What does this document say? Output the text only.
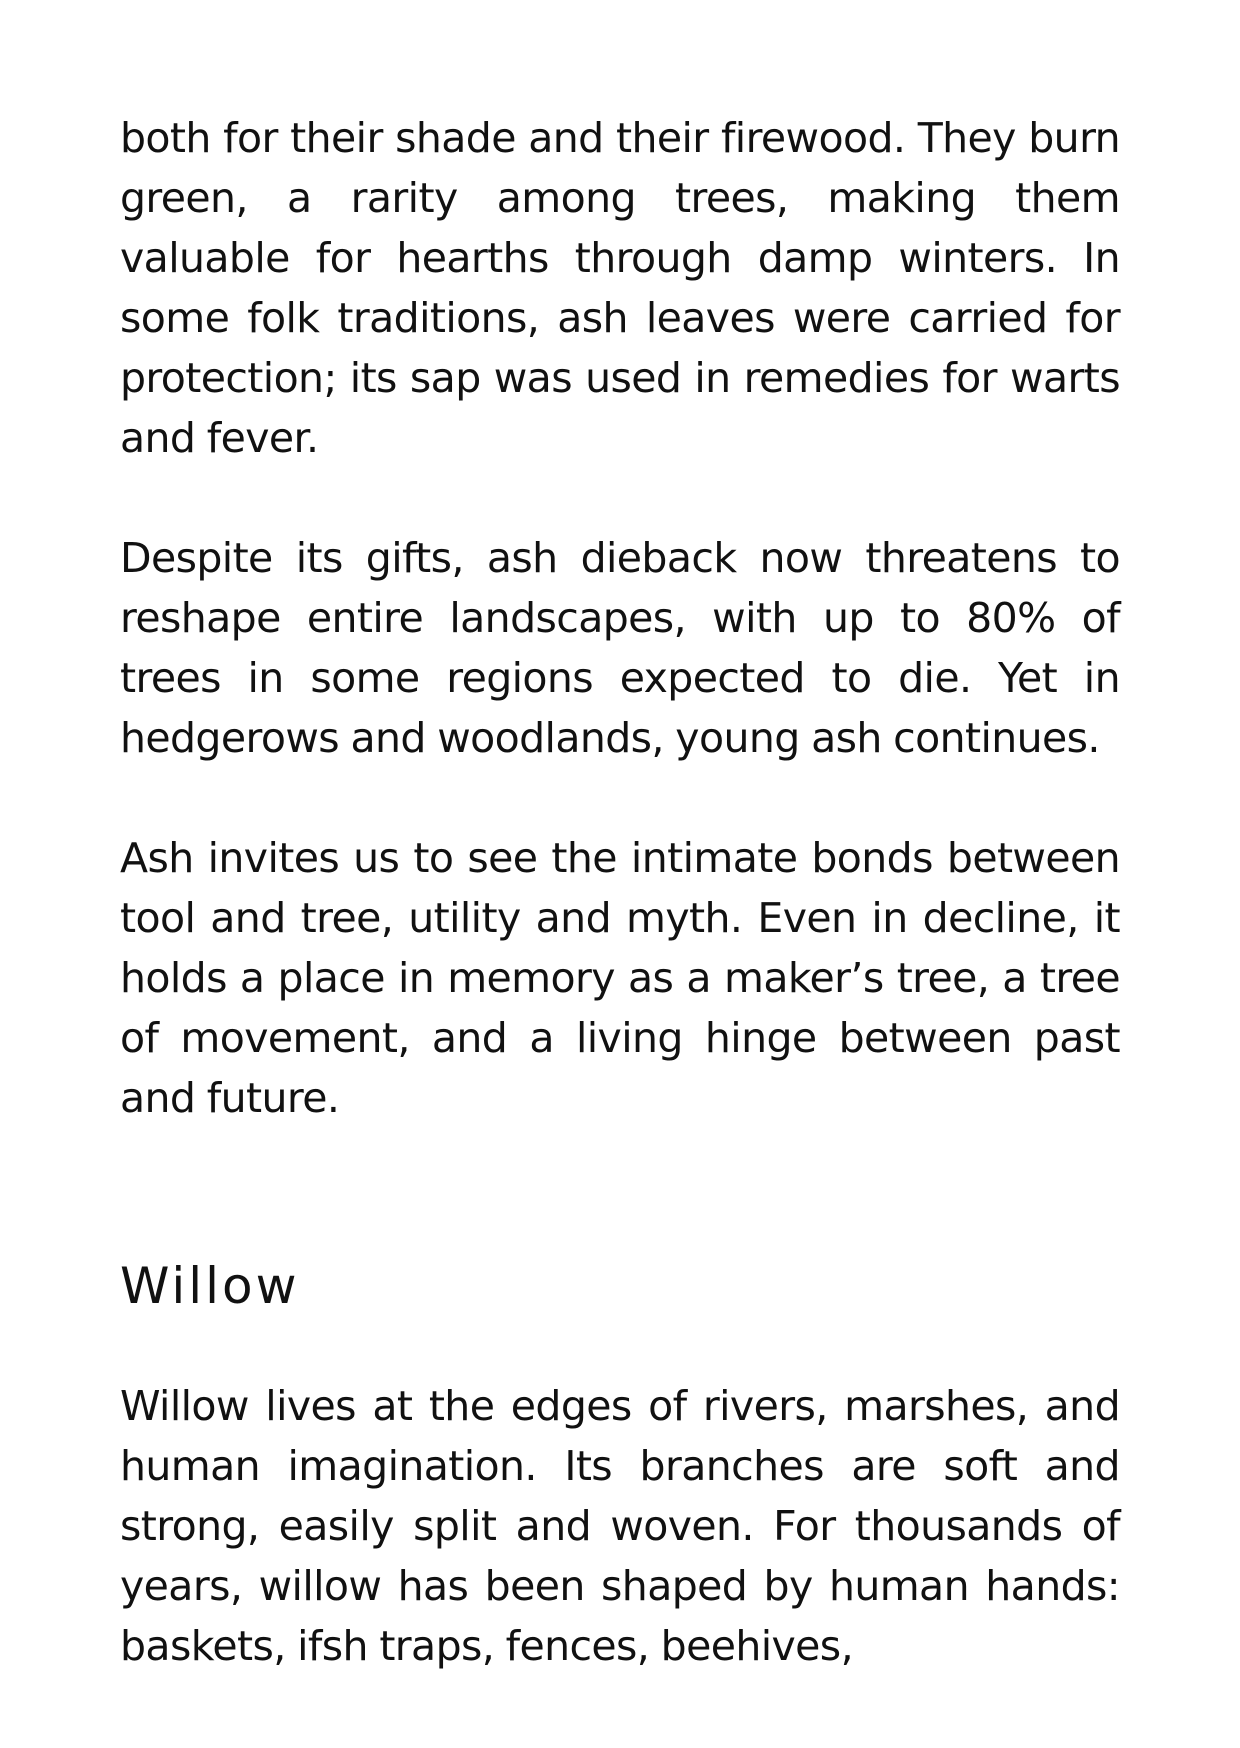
both for their shade and their firewood. They burn green, a rarity among trees, making them valuable for hearths through damp winters. In some folk traditions, ash leaves were carried for protection; its sap was used in remedies for warts and fever.

Despite its gifts, ash dieback now threatens to reshape entire landscapes, with up to 80% of trees in some regions expected to die. Yet in hedgerows and woodlands, young ash continues.

Ash invites us to see the intimate bonds between tool and tree, utility and myth. Even in decline, it holds a place in memory as a maker’s tree, a tree of movement, and a living hinge between past and future.

Willow

Willow lives at the edges of rivers, marshes, and human imagination. Its branches are soft and strong, easily split and woven. For thousands of years, willow has been shaped by human hands: baskets, ifsh traps, fences, beehives,
